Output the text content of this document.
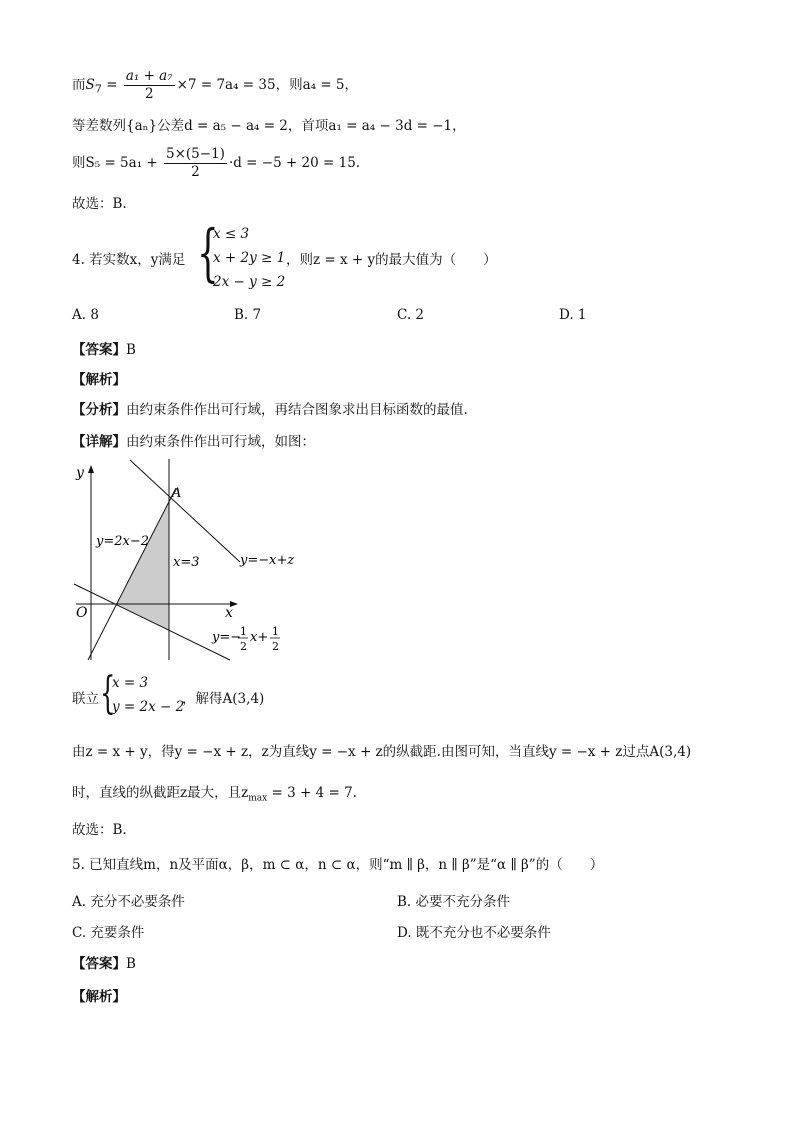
而$S_7 = \frac{\text{a₁ + a₇}}{2} \times 7 = 7a_4 = 35$，则a₄ = 5，
等差数列{aₙ}公差d = a₅ − a₄ = 2，首项a₁ = a₄ − 3d = −1，
则$S_5 = 5a_1 + \frac{5\times(5-1)}{2} \cdot d = -5 + 20 = 15$.
故选：B.
4. 若实数x，y满足 {
x ≤ 3
x + 2y ≥ 1
2x − y ≥ 2
，则z = x + y的最大值为（　　）
A. 8	B. 7	C. 2	D. 1
【答案】B
【解析】
【分析】由约束条件作出可行域，再结合图象求出目标函数的最值.
【详解】由约束条件作出可行域，如图：
y
x
O
A
y=2x−2
x=3	y=−x+z
y=−
1
2
x+ 1
2
联立 {
x = 3
y = 2x − 2
，解得A(3,4)
由z = x + y，得y = −x + z，z为直线y = −x + z的纵截距.由图可知，当直线y = −x + z过点A(3,4)
时，直线的纵截距z最大，且$z_{max} = 3 + 4 = 7$.
故选：B.
5. 已知直线m，n及平面α，β，m ⊂ α，n ⊂ α，则“m ∥ β，n ∥ β”是“α ∥ β”的（　　）
A. 充分不必要条件	B. 必要不充分条件
C. 充要条件	D. 既不充分也不必要条件
【答案】B
【解析】
